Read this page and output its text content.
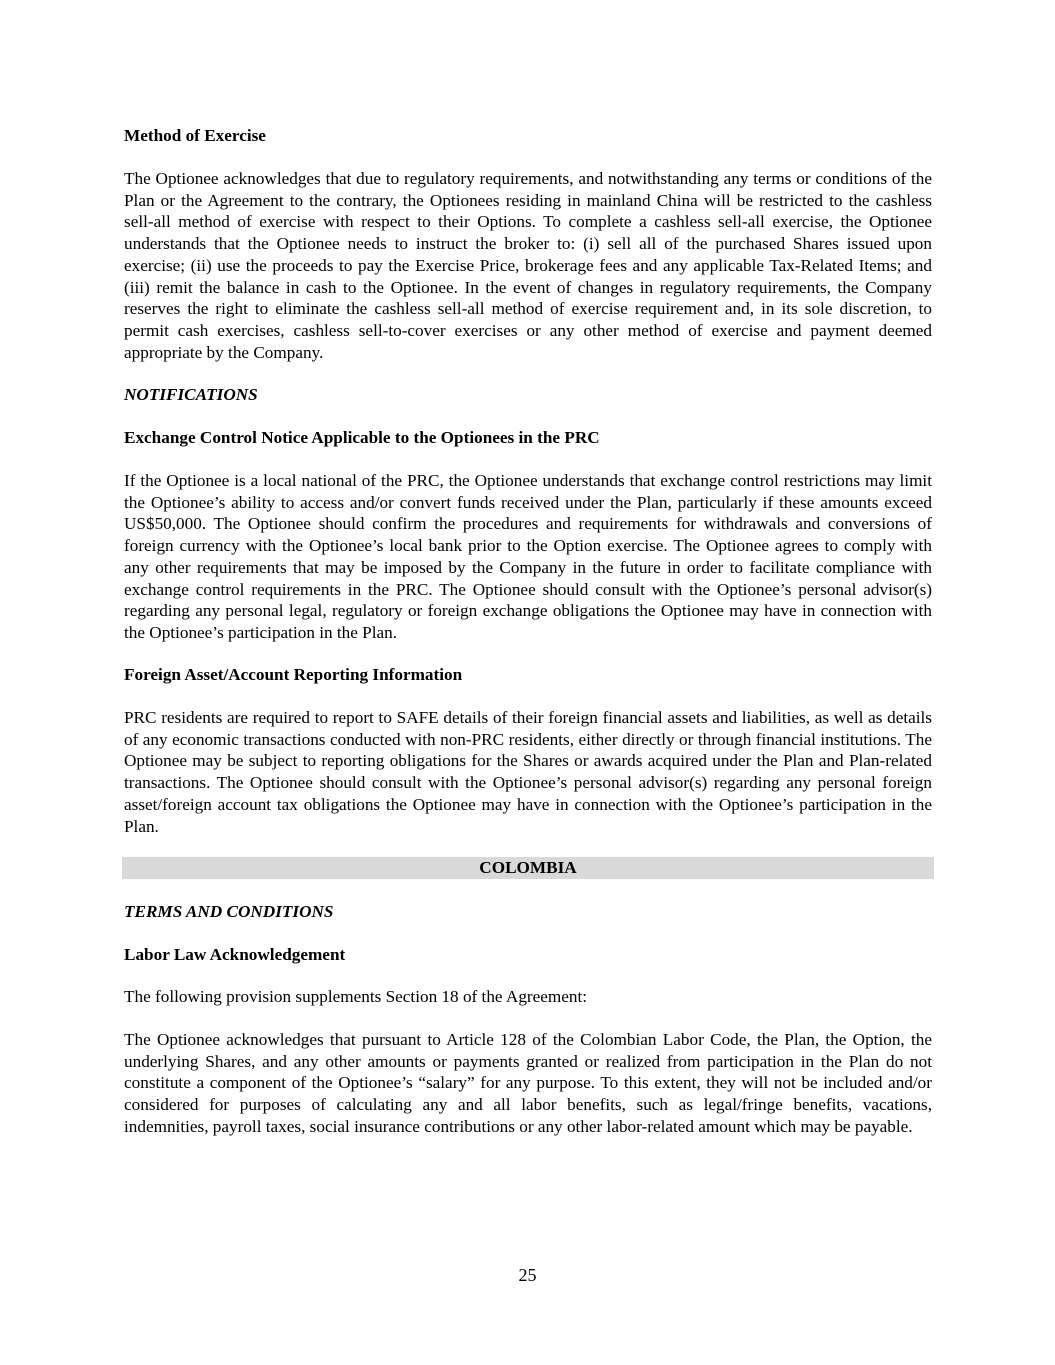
Method of Exercise

The Optionee acknowledges that due to regulatory requirements, and notwithstanding any terms or conditions of the Plan or the Agreement to the contrary, the Optionees residing in mainland China will be restricted to the cashless sell-all method of exercise with respect to their Options. To complete a cashless sell-all exercise, the Optionee understands that the Optionee needs to instruct the broker to: (i) sell all of the purchased Shares issued upon exercise; (ii) use the proceeds to pay the Exercise Price, brokerage fees and any applicable Tax-Related Items; and (iii) remit the balance in cash to the Optionee. In the event of changes in regulatory requirements, the Company reserves the right to eliminate the cashless sell-all method of exercise requirement and, in its sole discretion, to permit cash exercises, cashless sell-to-cover exercises or any other method of exercise and payment deemed appropriate by the Company.

NOTIFICATIONS

Exchange Control Notice Applicable to the Optionees in the PRC

If the Optionee is a local national of the PRC, the Optionee understands that exchange control restrictions may limit the Optionee’s ability to access and/or convert funds received under the Plan, particularly if these amounts exceed US$50,000. The Optionee should confirm the procedures and requirements for withdrawals and conversions of foreign currency with the Optionee’s local bank prior to the Option exercise. The Optionee agrees to comply with any other requirements that may be imposed by the Company in the future in order to facilitate compliance with exchange control requirements in the PRC. The Optionee should consult with the Optionee’s personal advisor(s) regarding any personal legal, regulatory or foreign exchange obligations the Optionee may have in connection with the Optionee’s participation in the Plan.

Foreign Asset/Account Reporting Information

PRC residents are required to report to SAFE details of their foreign financial assets and liabilities, as well as details of any economic transactions conducted with non-PRC residents, either directly or through financial institutions. The Optionee may be subject to reporting obligations for the Shares or awards acquired under the Plan and Plan-related transactions. The Optionee should consult with the Optionee’s personal advisor(s) regarding any personal foreign asset/foreign account tax obligations the Optionee may have in connection with the Optionee’s participation in the Plan.

COLOMBIA

TERMS AND CONDITIONS

Labor Law Acknowledgement

The following provision supplements Section 18 of the Agreement:

The Optionee acknowledges that pursuant to Article 128 of the Colombian Labor Code, the Plan, the Option, the underlying Shares, and any other amounts or payments granted or realized from participation in the Plan do not constitute a component of the Optionee’s “salary” for any purpose. To this extent, they will not be included and/or considered for purposes of calculating any and all labor benefits, such as legal/fringe benefits, vacations, indemnities, payroll taxes, social insurance contributions or any other labor-related amount which may be payable.

25
